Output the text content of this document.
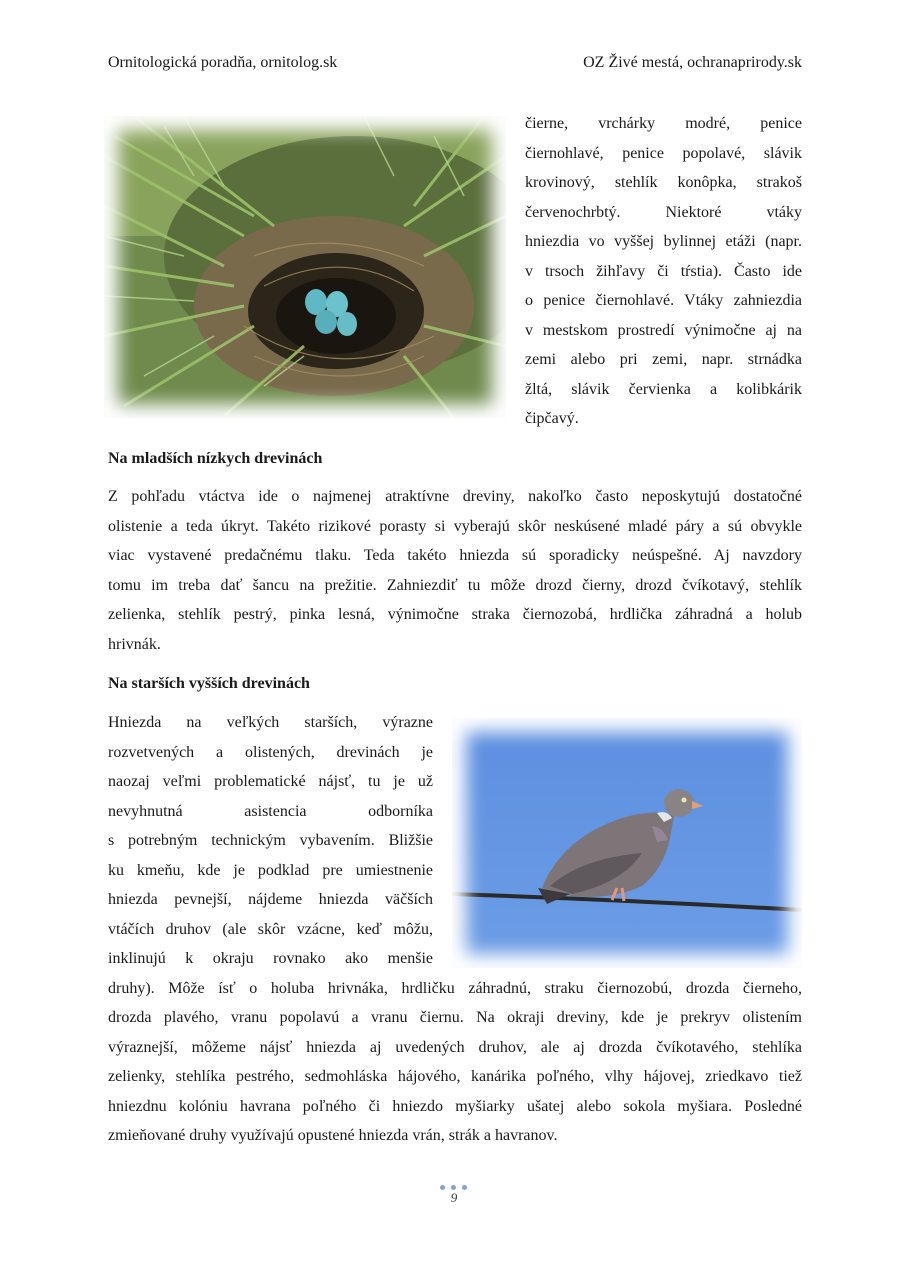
Ornitologická poradňa, ornitolog.sk	OZ Živé mestá, ochranaprirody.sk
čierne, vrchárky modré, penice
čiernohlavé, penice popolavé, slávik
krovinový, stehlík konôpka, strakoš
červenochrbtý. Niektoré vtáky
hniezdia vo vyššej bylinnej etáži (napr.
v trsoch žihľavy či tŕstia). Často ide
o penice čiernohlavé. Vtáky zahniezdia
v mestskom prostredí výnimočne aj na
zemi alebo pri zemi, napr. strnádka
žltá, slávik červienka a kolibkárik
čipčavý.
Na mladších nízkych drevinách
Z pohľadu vtáctva ide o najmenej atraktívne dreviny, nakoľko často neposkytujú dostatočné
olistenie a teda úkryt. Takéto rizikové porasty si vyberajú skôr neskúsené mladé páry a sú obvykle
viac vystavené predačnému tlaku. Teda takéto hniezda sú sporadicky neúspešné. Aj navzdory
tomu im treba dať šancu na prežitie. Zahniezdiť tu môže drozd čierny, drozd čvíkotavý, stehlík
zelienka, stehlík pestrý, pinka lesná, výnimočne straka čiernozobá, hrdlička záhradná a holub
hrivnák.
Na starších vyšších drevinách
Hniezda na veľkých starších, výrazne
rozvetvených a olistených, drevinách je
naozaj veľmi problematické nájsť, tu je už
nevyhnutná asistencia odborníka
s potrebným technickým vybavením. Bližšie
ku kmeňu, kde je podklad pre umiestnenie
hniezda pevnejší, nájdeme hniezda väčších
vtáčích druhov (ale skôr vzácne, keď môžu,
inklinujú k okraju rovnako ako menšie
druhy). Môže ísť o holuba hrivnáka, hrdličku záhradnú, straku čiernozobú, drozda čierneho,
drozda plavého, vranu popolavú a vranu čiernu. Na okraji dreviny, kde je prekryv olistením
výraznejší, môžeme nájsť hniezda aj uvedených druhov, ale aj drozda čvíkotavého, stehlíka
zelienky, stehlíka pestrého, sedmohláska hájového, kanárika poľného, vlhy hájovej, zriedkavo tiež
hniezdnu kolóniu havrana poľného či hniezdo myšiarky ušatej alebo sokola myšiara. Posledné
zmieňované druhy využívajú opustené hniezda vrán, strák a havranov.
9
